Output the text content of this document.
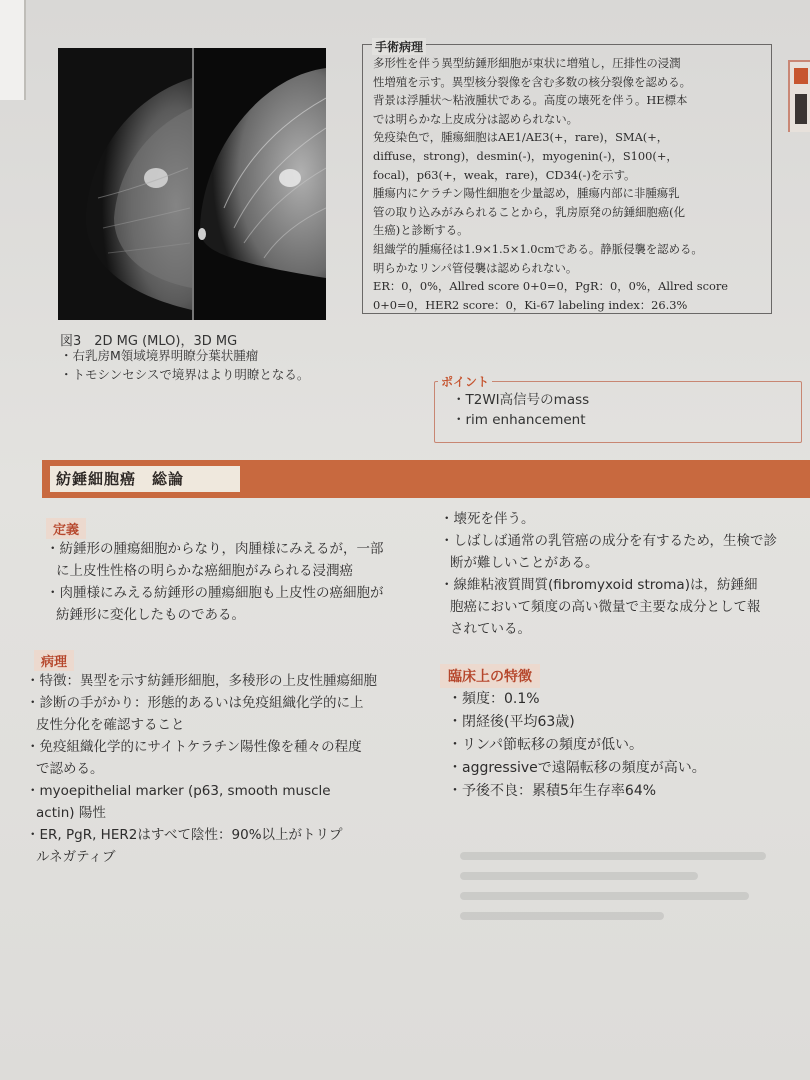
図3　2D MG (MLO)，3D MG
・右乳房M領域境界明瞭分葉状腫瘤
・トモシンセシスで境界はより明瞭となる。

多形性を伴う異型紡錘形細胞が束状に増殖し，圧排性の浸潤

性増殖を示す。異型核分裂像を含む多数の核分裂像を認める。

背景は浮腫状〜粘液腫状である。高度の壊死を伴う。HE標本

では明らかな上皮成分は認められない。

免疫染色で，腫瘍細胞はAE1/AE3(+，rare)，SMA(+，

diffuse，strong)，desmin(-)，myogenin(-)，S100(+，

focal)，p63(+，weak，rare)，CD34(-)を示す。

腫瘍内にケラチン陽性細胞を少量認め，腫瘍内部に非腫瘍乳

管の取り込みがみられることから，乳房原発の紡錘細胞癌(化

生癌)と診断する。

組織学的腫瘍径は1.9×1.5×1.0cmである。静脈侵襲を認める。

明らかなリンパ管侵襲は認められない。

ER：0，0%，Allred score 0+0=0，PgR：0，0%，Allred score

0+0=0，HER2 score：0，Ki-67 labeling index：26.3%

手術病理
ポイント
・T2WI高信号のmass
・rim enhancement
紡錘細胞癌　総論
定義
・紡錘形の腫瘍細胞からなり，肉腫様にみえるが，一部
に上皮性性格の明らかな癌細胞がみられる浸潤癌
・肉腫様にみえる紡錘形の腫瘍細胞も上皮性の癌細胞が
紡錘形に変化したものである。
・壊死を伴う。
・しばしば通常の乳管癌の成分を有するため，生検で診
断が難しいことがある。
・線維粘液質間質(fibromyxoid stroma)は，紡錘細
胞癌において頻度の高い微量で主要な成分として報
されている。
病理
・特徴：異型を示す紡錘形細胞，多稜形の上皮性腫瘍細胞
・診断の手がかり：形態的あるいは免疫組織化学的に上
皮性分化を確認すること
・免疫組織化学的にサイトケラチン陽性像を種々の程度
で認める。
・myoepithelial marker (p63, smooth muscle
actin) 陽性
・ER, PgR, HER2はすべて陰性：90%以上がトリプ
ルネガティブ
臨床上の特徴
・頻度：0.1%
・閉経後(平均63歳)
・リンパ節転移の頻度が低い。
・aggressiveで遠隔転移の頻度が高い。
・予後不良：累積5年生存率64%
